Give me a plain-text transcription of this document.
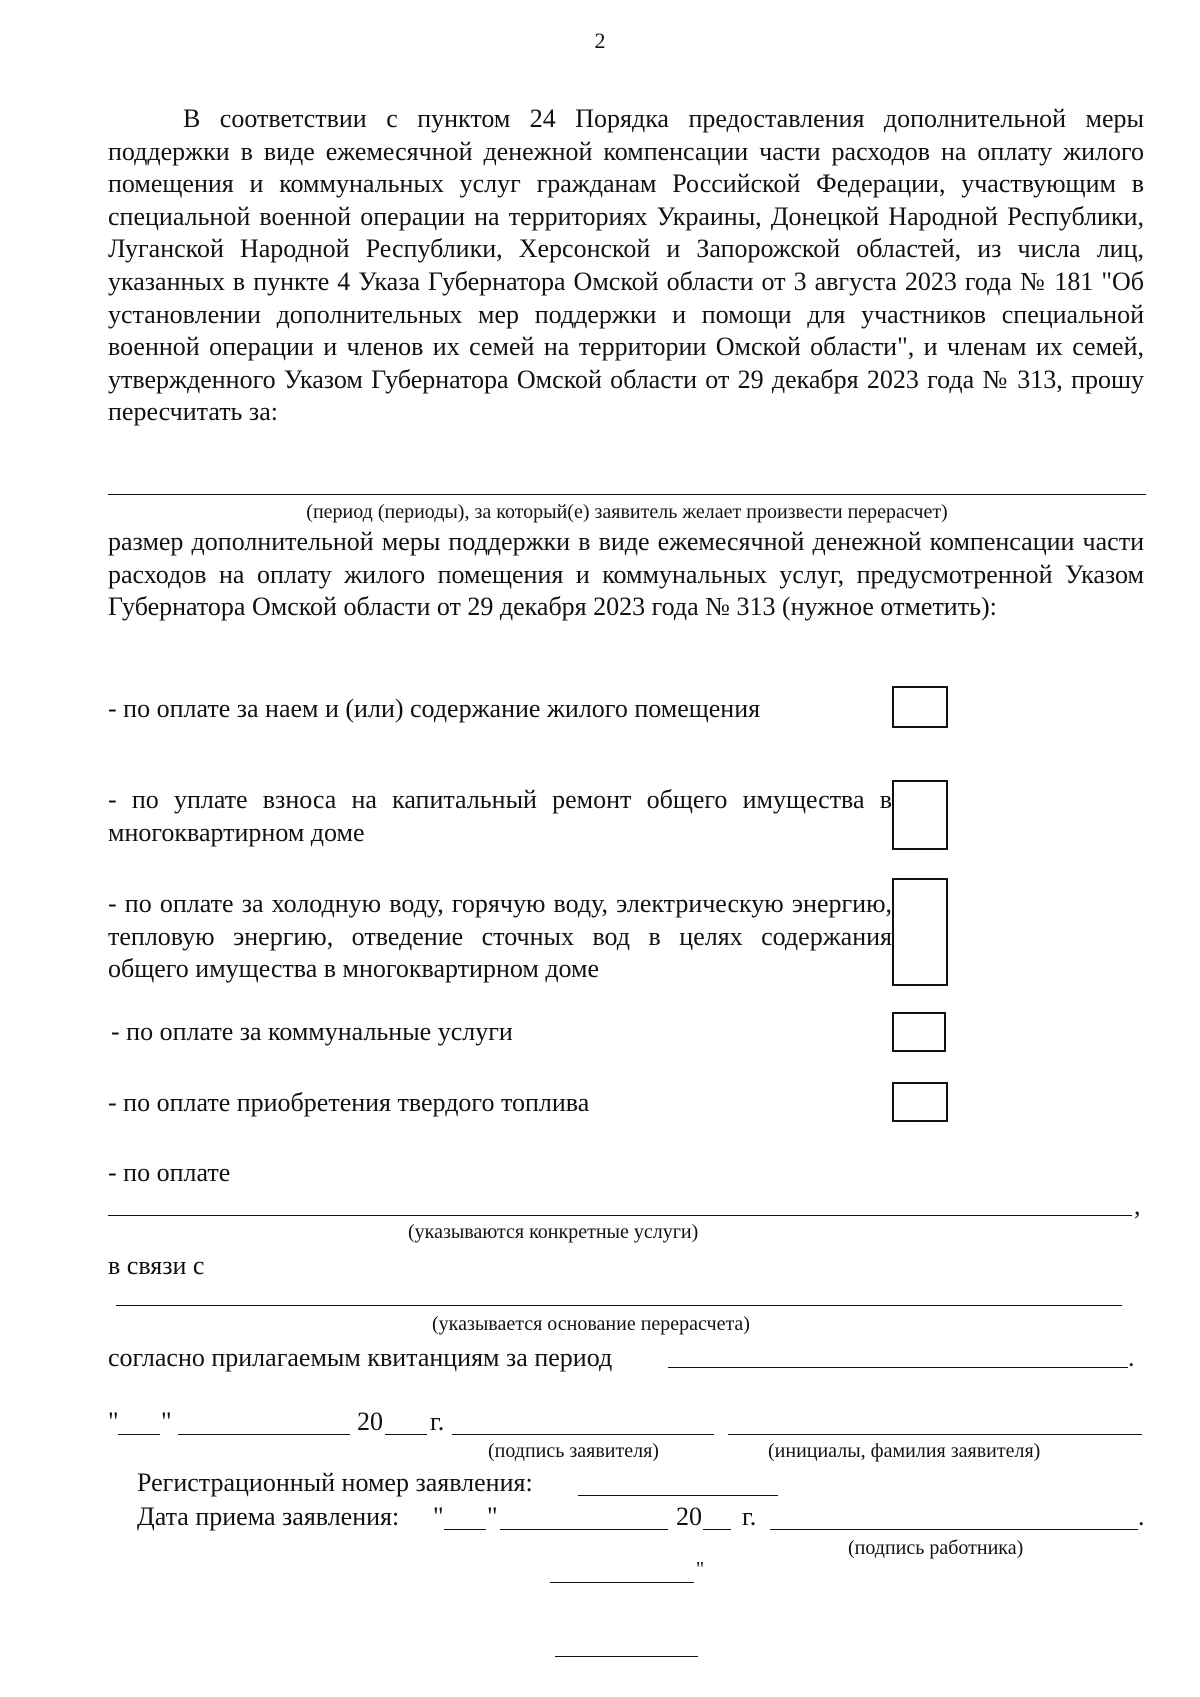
2

В соответствии с пунктом 24 Порядка предоставления дополнительной меры поддержки в виде ежемесячной денежной компенсации части расходов на оплату жилого помещения и коммунальных услуг гражданам Российской Федерации, участвующим в специальной военной операции на территориях Украины, Донецкой Народной Республики, Луганской Народной Республики, Херсонской и Запорожской областей, из числа лиц, указанных в пункте 4 Указа Губернатора Омской области от 3 августа 2023 года № 181 "Об установлении дополнительных мер поддержки и помощи для участников специальной военной операции и членов их семей на территории Омской области", и членам их семей, утвержденного Указом Губернатора Омской области от 29 декабря 2023 года № 313, прошу пересчитать за:

(период (периоды), за который(е) заявитель желает произвести перерасчет)

размер дополнительной меры поддержки в виде ежемесячной денежной компенсации части расходов на оплату жилого помещения и коммунальных услуг, предусмотренной Указом Губернатора Омской области от 29 декабря 2023 года № 313 (нужное отметить):

- по оплате за наем и (или) содержание жилого помещения
- по уплате взноса на капитальный ремонт общего имущества в многоквартирном доме
- по оплате за холодную воду, горячую воду, электрическую энергию, тепловую энергию, отведение сточных вод в целях содержания общего имущества в многоквартирном доме
- по оплате за коммунальные услуги
- по оплате приобретения твердого топлива
- по оплате
,
(указываются конкретные услуги)
в связи с
(указывается основание перерасчета)
согласно прилагаемым квитанциям за период	.
" "	20 г.
(подпись заявителя)	(инициалы, фамилия заявителя)
Регистрационный номер заявления:
Дата приема заявления: " "	20 г.	.
(подпись работника)
"
